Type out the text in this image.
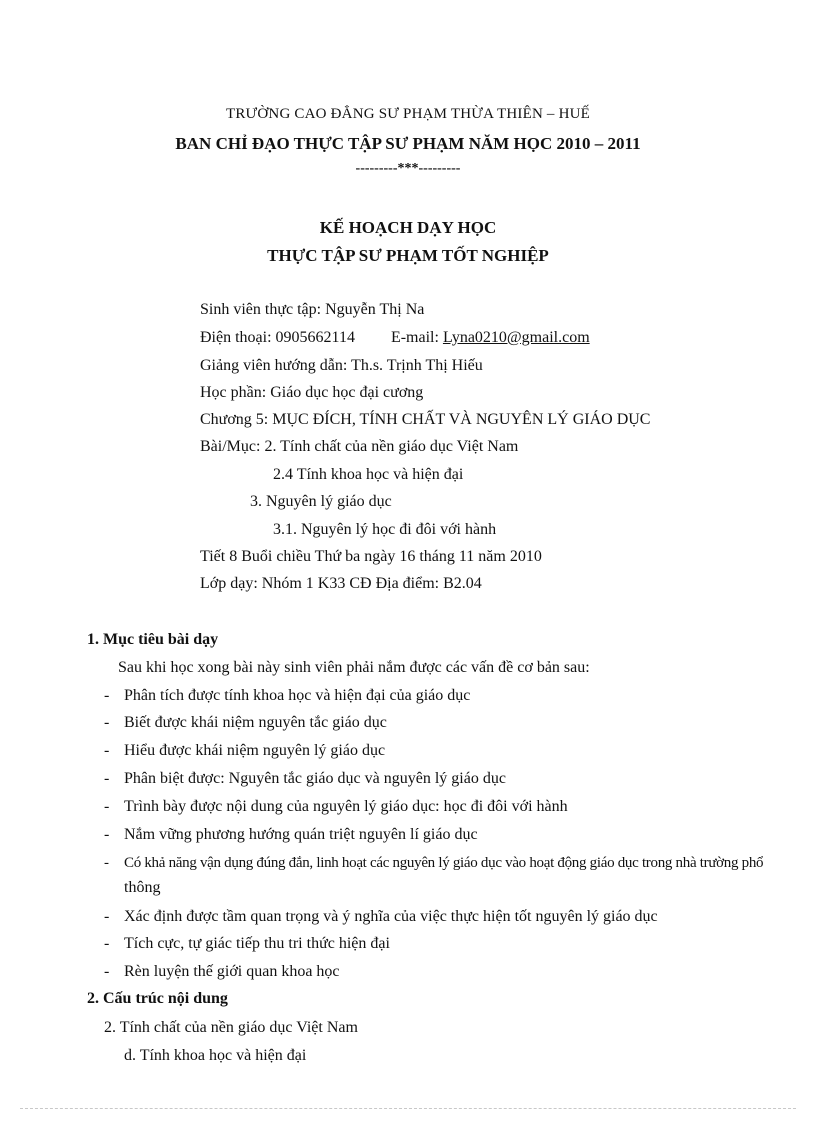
TRƯỜNG CAO ĐẲNG SƯ PHẠM THỪA THIÊN – HUẾ
BAN CHỈ ĐẠO THỰC TẬP SƯ PHẠM NĂM HỌC 2010 – 2011
---------***---------
KẾ HOẠCH DẠY HỌC
THỰC TẬP SƯ PHẠM TỐT NGHIỆP
Sinh viên thực tập: Nguyễn Thị Na
Điện thoại: 0905662114 E-mail: Lyna0210@gmail.com
Giảng viên hướng dẫn: Th.s. Trịnh Thị Hiếu
Học phần: Giáo dục học đại cương
Chương 5: MỤC ĐÍCH, TÍNH CHẤT VÀ NGUYÊN LÝ GIÁO DỤC
Bài/Mục: 2. Tính chất của nền giáo dục Việt Nam
2.4 Tính khoa học và hiện đại
3. Nguyên lý giáo dục
3.1. Nguyên lý học đi đôi với hành
Tiết 8 Buổi chiều Thứ ba ngày 16 tháng 11 năm 2010
Lớp dạy: Nhóm 1 K33 CĐ Địa điểm: B2.04
1. Mục tiêu bài dạy
Sau khi học xong bài này sinh viên phải nắm được các vấn đề cơ bản sau:
- Phân tích được tính khoa học và hiện đại của giáo dục
- Biết được khái niệm nguyên tắc giáo dục
- Hiểu được khái niệm nguyên lý giáo dục
- Phân biệt được: Nguyên tắc giáo dục và nguyên lý giáo dục
- Trình bày được nội dung của nguyên lý giáo dục: học đi đôi với hành
- Nắm vững phương hướng quán triệt nguyên lí giáo dục
- Có khả năng vận dụng đúng đắn, linh hoạt các nguyên lý giáo dục vào hoạt động giáo dục trong nhà trường phổ
thông
- Xác định được tầm quan trọng và ý nghĩa của việc thực hiện tốt nguyên lý giáo dục
- Tích cực, tự giác tiếp thu tri thức hiện đại
- Rèn luyện thế giới quan khoa học
2. Cấu trúc nội dung
2. Tính chất của nền giáo dục Việt Nam
d. Tính khoa học và hiện đại
